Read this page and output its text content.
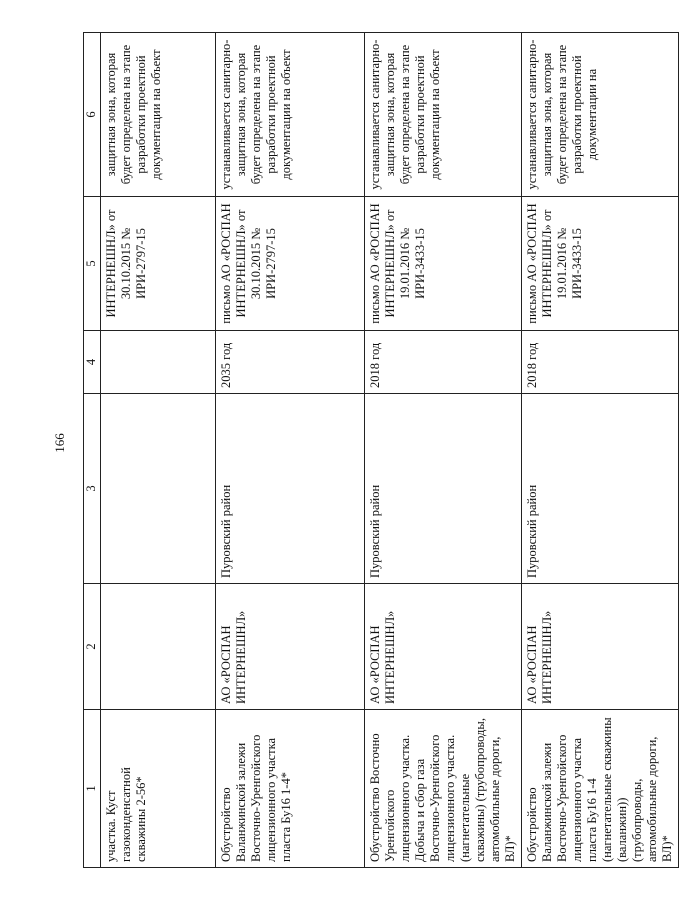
166
1	2	3	4	5	6
участка. Куст газоконденсатной скважины 2-56*				ИНТЕРНЕШНЛ» от 30.10.2015 № ИРИ-2797-15	защитная зона, которая будет определена на этапе разработки проектной документации на объект
Обустройство Валанжинской залежи Восточно-Уренгойского лицензионного участка пласта Бу16 1-4*	АО «РОСПАН ИНТЕРНЕШНЛ»	Пуровский район	2035 год	письмо АО «РОСПАН ИНТЕРНЕШНЛ» от 30.10.2015 № ИРИ-2797-15	устанавливается санитарно-защитная зона, которая будет определена на этапе разработки проектной документации на объект
Обустройство Восточно Уренгойского лицензионного участка. Добыча и сбор газа Восточно-Уренгойского лицензионного участка. (нагнетательные скважины) (трубопроводы, автомобильные дороги, ВЛ)*	АО «РОСПАН ИНТЕРНЕШНЛ»	Пуровский район	2018 год	письмо АО «РОСПАН ИНТЕРНЕШНЛ» от 19.01.2016 № ИРИ-3433-15	устанавливается санитарно-защитная зона, которая будет определена на этапе разработки проектной документации на объект
Обустройство Валанжинской залежи Восточно-Уренгойского лицензионного участка пласта Бу16 1-4 (нагнетательные скважины (валанжин)) (трубопроводы, автомобильные дороги, ВЛ)*	АО «РОСПАН ИНТЕРНЕШНЛ»	Пуровский район	2018 год	письмо АО «РОСПАН ИНТЕРНЕШНЛ» от 19.01.2016 № ИРИ-3433-15	устанавливается санитарно-защитная зона, которая будет определена на этапе разработки проектной документации на
